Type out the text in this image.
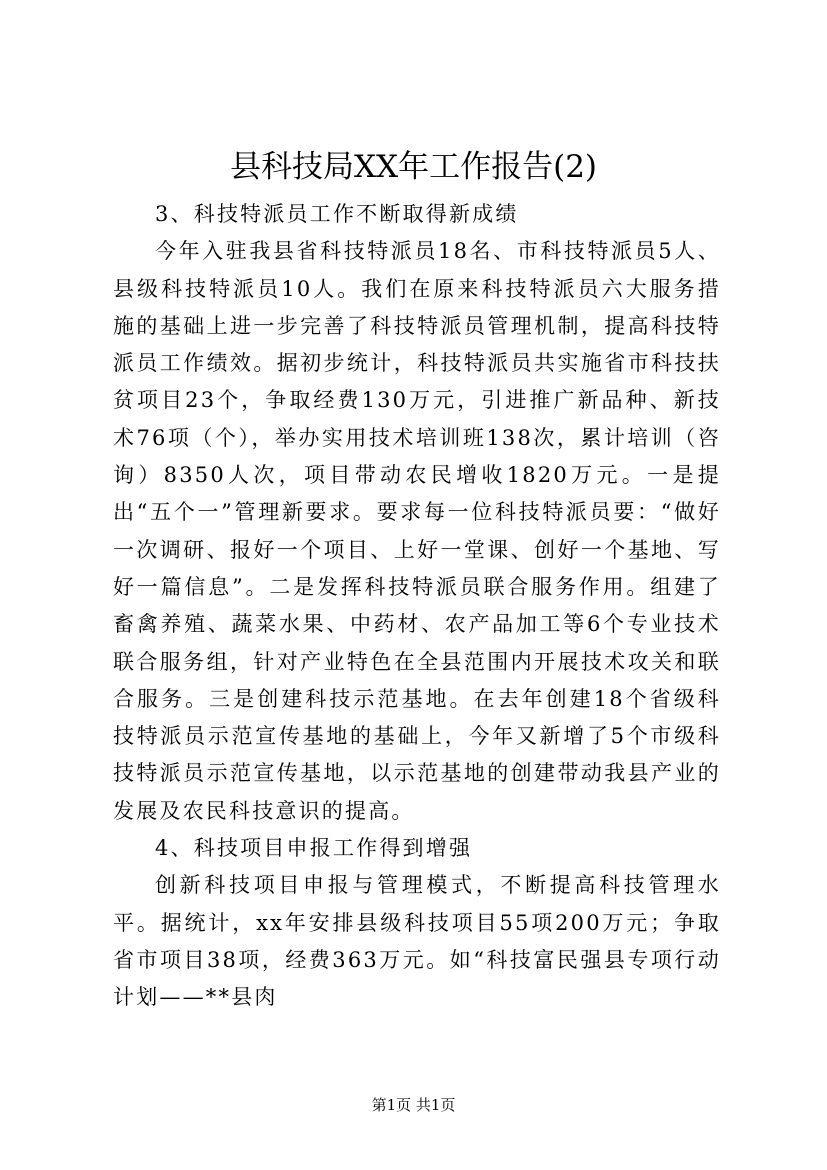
县科技局XX年工作报告(2)

3、科技特派员工作不断取得新成绩

今年入驻我县省科技特派员18名、市科技特派员5人、县级科技特派员10人。我们在原来科技特派员六大服务措施的基础上进一步完善了科技特派员管理机制，提高科技特派员工作绩效。据初步统计，科技特派员共实施省市科技扶贫项目23个，争取经费130万元，引进推广新品种、新技术76项（个），举办实用技术培训班138次，累计培训（咨询）8350人次，项目带动农民增收1820万元。一是提出“五个一”管理新要求。要求每一位科技特派员要：“做好一次调研、报好一个项目、上好一堂课、创好一个基地、写好一篇信息”。二是发挥科技特派员联合服务作用。组建了畜禽养殖、蔬菜水果、中药材、农产品加工等6个专业技术联合服务组，针对产业特色在全县范围内开展技术攻关和联合服务。三是创建科技示范基地。在去年创建18个省级科技特派员示范宣传基地的基础上，今年又新增了5个市级科技特派员示范宣传基地，以示范基地的创建带动我县产业的发展及农民科技意识的提高。

4、科技项目申报工作得到增强

创新科技项目申报与管理模式，不断提高科技管理水平。据统计，xx年安排县级科技项目55项200万元；争取省市项目38项，经费363万元。如“科技富民强县专项行动计划——**县肉

第1页 共1页
